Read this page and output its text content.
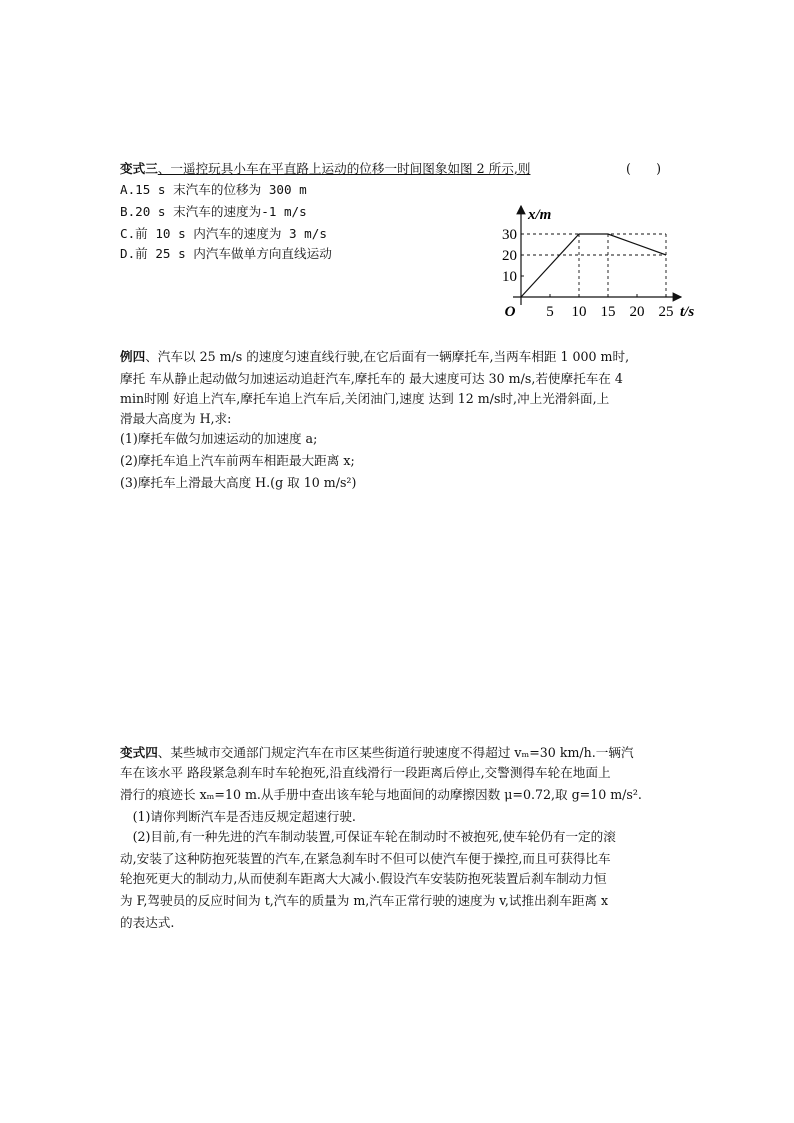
变式三、一遥控玩具小车在平直路上运动的位移一时间图象如图 2 所示,则	(　　)
A.15 s 末汽车的位移为 300 m
B.20 s 末汽车的速度为-1 m/s
C.前 10 s 内汽车的速度为 3 m/s
D.前 25 s 内汽车做单方向直线运动
5 10 15 20 25
10
20
30
O
x/m
t/s
例四、汽车以 25 m/s 的速度匀速直线行驶,在它后面有一辆摩托车,当两车相距 1 000 m时,
摩托 车从静止起动做匀加速运动追赶汽车,摩托车的 最大速度可达 30 m/s,若使摩托车在 4
min时刚 好追上汽车,摩托车追上汽车后,关闭油门,速度 达到 12 m/s时,冲上光滑斜面,上
滑最大高度为 H,求:
(1)摩托车做匀加速运动的加速度 a;
(2)摩托车追上汽车前两车相距最大距离 x;
(3)摩托车上滑最大高度 H.(g 取 10 m/s²)
变式四、某些城市交通部门规定汽车在市区某些街道行驶速度不得超过 vₘ=30 km/h.一辆汽
车在该水平 路段紧急刹车时车轮抱死,沿直线滑行一段距离后停止,交警测得车轮在地面上
滑行的痕迹长 xₘ=10 m.从手册中查出该车轮与地面间的动摩擦因数 μ=0.72,取 g=10 m/s².
　(1)请你判断汽车是否违反规定超速行驶.
　(2)目前,有一种先进的汽车制动装置,可保证车轮在制动时不被抱死,使车轮仍有一定的滚
动,安装了这种防抱死装置的汽车,在紧急刹车时不但可以使汽车便于操控,而且可获得比车
轮抱死更大的制动力,从而使刹车距离大大减小.假设汽车安装防抱死装置后刹车制动力恒
为 F,驾驶员的反应时间为 t,汽车的质量为 m,汽车正常行驶的速度为 v,试推出刹车距离 x
的表达式.
